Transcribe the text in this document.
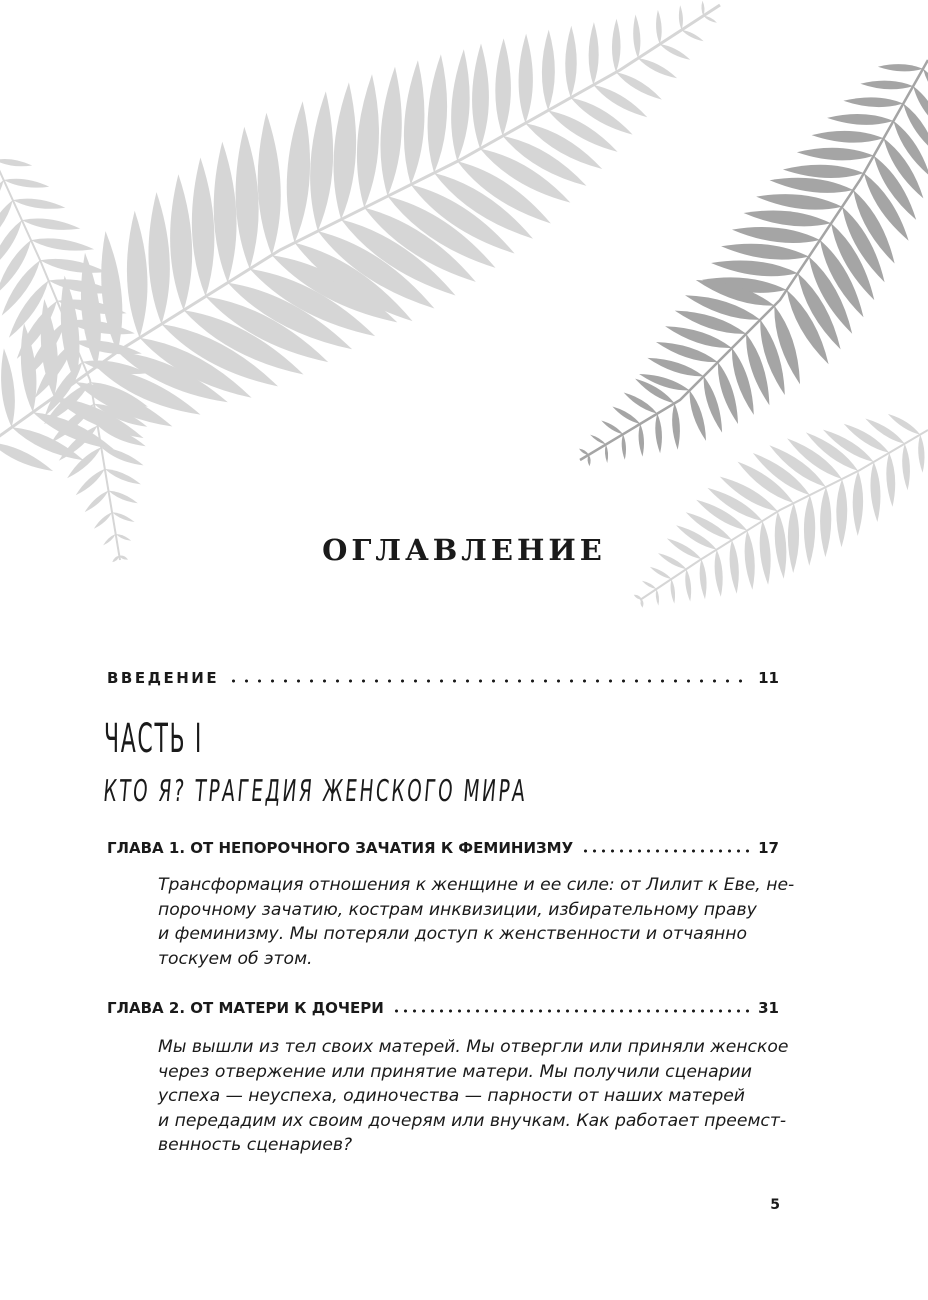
ОГЛАВЛЕНИЕ
ВВЕДЕНИЕ	11
ЧАСТЬ I
КТО Я? ТРАГЕДИЯ ЖЕНСКОГО МИРА
ГЛАВА 1. ОТ НЕПОРОЧНОГО ЗАЧАТИЯ К ФЕМИНИЗМУ	17
Трансформация отношения к женщине и ее силе: от Лилит к Еве, не-
порочному зачатию, кострам инквизиции, избирательному праву
и феминизму. Мы потеряли доступ к женственности и отчаянно
тоскуем об этом.
ГЛАВА 2. ОТ МАТЕРИ К ДОЧЕРИ	31
Мы вышли из тел своих матерей. Мы отвергли или приняли женское
через отвержение или принятие матери. Мы получили сценарии
успеха — неуспеха, одиночества — парности от наших матерей
и передадим их своим дочерям или внучкам. Как работает преемст-
венность сценариев?
5
